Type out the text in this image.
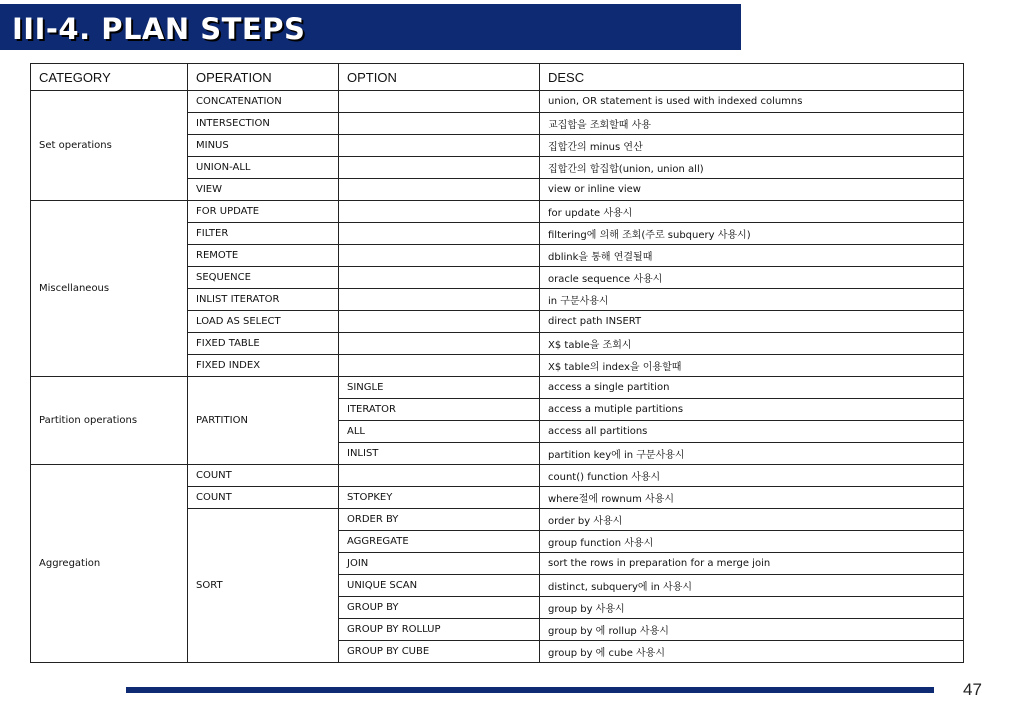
III-4. PLAN STEPS
CATEGORY	OPERATION	OPTION	DESC
Set operations	CONCATENATION		union, OR statement is used with indexed columns
	INTERSECTION		교집합을 조회할때 사용
	MINUS		집합간의 minus 연산
	UNION-ALL		집합간의 합집합(union, union all)
	VIEW		view or inline view
Miscellaneous	FOR UPDATE		for update 사용시
	FILTER		filtering에 의해 조회(주로 subquery 사용시)
	REMOTE		dblink을 통해 연결될때
	SEQUENCE		oracle sequence 사용시
	INLIST ITERATOR		in 구문사용시
	LOAD AS SELECT		direct path INSERT
	FIXED TABLE		X$ table을 조회시
	FIXED INDEX		X$ table의 index을 이용할때
Partition operations	PARTITION	SINGLE	access a single partition
		ITERATOR	access a mutiple partitions
		ALL	access all partitions
		INLIST	partition key에 in 구문사용시
Aggregation	COUNT		count() function 사용시
	COUNT	STOPKEY	where절에 rownum 사용시
	SORT	ORDER BY	order by 사용시
		AGGREGATE	group function 사용시
		JOIN	sort the rows in preparation for a merge join
		UNIQUE SCAN	distinct, subquery에 in 사용시
		GROUP BY	group by 사용시
		GROUP BY ROLLUP	group by 에 rollup 사용시
		GROUP BY CUBE	group by 에 cube 사용시
47
